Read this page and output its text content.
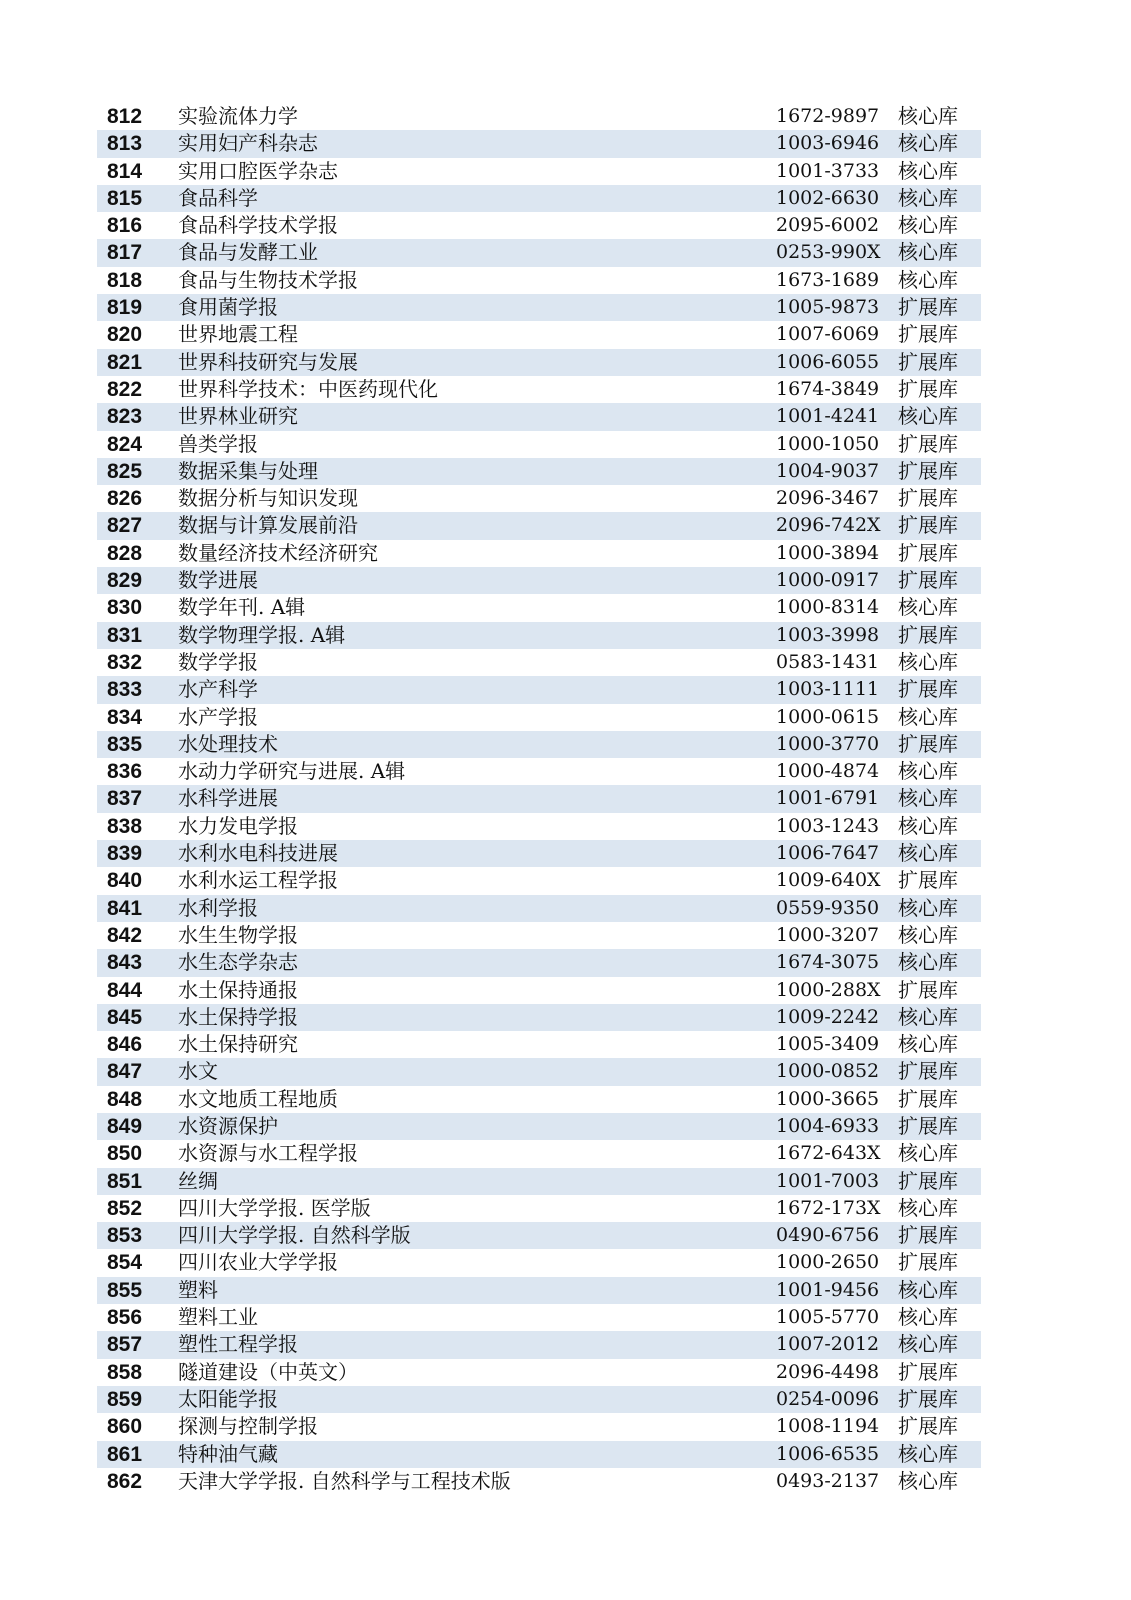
812	实验流体力学	1672-9897 核心库
813	实用妇产科杂志	1003-6946 核心库
814	实用口腔医学杂志	1001-3733 核心库
815	食品科学	1002-6630 核心库
816	食品科学技术学报	2095-6002 核心库
817	食品与发酵工业	0253-990X 核心库
818	食品与生物技术学报	1673-1689 核心库
819	食用菌学报	1005-9873 扩展库
820	世界地震工程	1007-6069 扩展库
821	世界科技研究与发展	1006-6055 扩展库
822	世界科学技术：中医药现代化	1674-3849 扩展库
823	世界林业研究	1001-4241 核心库
824	兽类学报	1000-1050 扩展库
825	数据采集与处理	1004-9037 扩展库
826	数据分析与知识发现	2096-3467 扩展库
827	数据与计算发展前沿	2096-742X 扩展库
828	数量经济技术经济研究	1000-3894 扩展库
829	数学进展	1000-0917 扩展库
830	数学年刊. A辑	1000-8314 核心库
831	数学物理学报. A辑	1003-3998 扩展库
832	数学学报	0583-1431 核心库
833	水产科学	1003-1111 扩展库
834	水产学报	1000-0615 核心库
835	水处理技术	1000-3770 扩展库
836	水动力学研究与进展. A辑	1000-4874 核心库
837	水科学进展	1001-6791 核心库
838	水力发电学报	1003-1243 核心库
839	水利水电科技进展	1006-7647 核心库
840	水利水运工程学报	1009-640X 扩展库
841	水利学报	0559-9350 核心库
842	水生生物学报	1000-3207 核心库
843	水生态学杂志	1674-3075 核心库
844	水土保持通报	1000-288X 扩展库
845	水土保持学报	1009-2242 核心库
846	水土保持研究	1005-3409 核心库
847	水文	1000-0852 扩展库
848	水文地质工程地质	1000-3665 扩展库
849	水资源保护	1004-6933 扩展库
850	水资源与水工程学报	1672-643X 核心库
851	丝绸	1001-7003 扩展库
852	四川大学学报. 医学版	1672-173X 核心库
853	四川大学学报. 自然科学版	0490-6756 扩展库
854	四川农业大学学报	1000-2650 扩展库
855	塑料	1001-9456 核心库
856	塑料工业	1005-5770 核心库
857	塑性工程学报	1007-2012 核心库
858	隧道建设（中英文）	2096-4498 扩展库
859	太阳能学报	0254-0096 扩展库
860	探测与控制学报	1008-1194 扩展库
861	特种油气藏	1006-6535 核心库
862	天津大学学报. 自然科学与工程技术版	0493-2137 核心库
